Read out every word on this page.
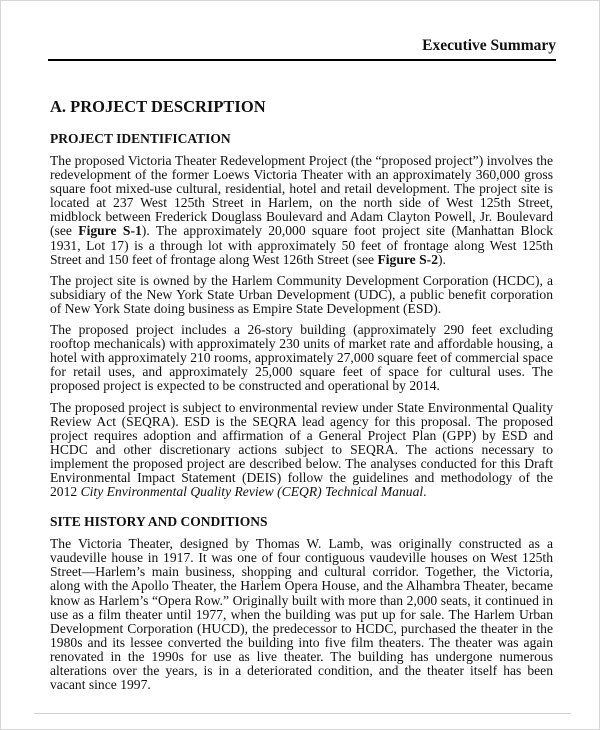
Executive Summary
A. PROJECT DESCRIPTION
PROJECT IDENTIFICATION

The proposed Victoria Theater Redevelopment Project (the “proposed project”) involves the redevelopment of the former Loews Victoria Theater with an approximately 360,000 gross square foot mixed-use cultural, residential, hotel and retail development. The project site is located at 237 West 125th Street in Harlem, on the north side of West 125th Street, midblock between Frederick Douglass Boulevard and Adam Clayton Powell, Jr. Boulevard (see Figure S-1). The approximately 20,000 square foot project site (Manhattan Block 1931, Lot 17) is a through lot with approximately 50 feet of frontage along West 125th Street and 150 feet of frontage along West 126th Street (see Figure S-2).

The project site is owned by the Harlem Community Development Corporation (HCDC), a subsidiary of the New York State Urban Development (UDC), a public benefit corporation of New York State doing business as Empire State Development (ESD).

The proposed project includes a 26-story building (approximately 290 feet excluding rooftop mechanicals) with approximately 230 units of market rate and affordable housing, a hotel with approximately 210 rooms, approximately 27,000 square feet of commercial space for retail uses, and approximately 25,000 square feet of space for cultural uses. The proposed project is expected to be constructed and operational by 2014.

The proposed project is subject to environmental review under State Environmental Quality Review Act (SEQRA). ESD is the SEQRA lead agency for this proposal. The proposed project requires adoption and affirmation of a General Project Plan (GPP) by ESD and HCDC and other discretionary actions subject to SEQRA. The actions necessary to implement the proposed project are described below. The analyses conducted for this Draft Environmental Impact Statement (DEIS) follow the guidelines and methodology of the 2012 City Environmental Quality Review (CEQR) Technical Manual.

SITE HISTORY AND CONDITIONS

The Victoria Theater, designed by Thomas W. Lamb, was originally constructed as a vaudeville house in 1917. It was one of four contiguous vaudeville houses on West 125th Street—Harlem’s main business, shopping and cultural corridor. Together, the Victoria, along with the Apollo Theater, the Harlem Opera House, and the Alhambra Theater, became know as Harlem’s “Opera Row.” Originally built with more than 2,000 seats, it continued in use as a film theater until 1977, when the building was put up for sale. The Harlem Urban Development Corporation (HUCD), the predecessor to HCDC, purchased the theater in the 1980s and its lessee converted the building into five film theaters. The theater was again renovated in the 1990s for use as live theater. The building has undergone numerous alterations over the years, is in a deteriorated condition, and the theater itself has been vacant since 1997.
